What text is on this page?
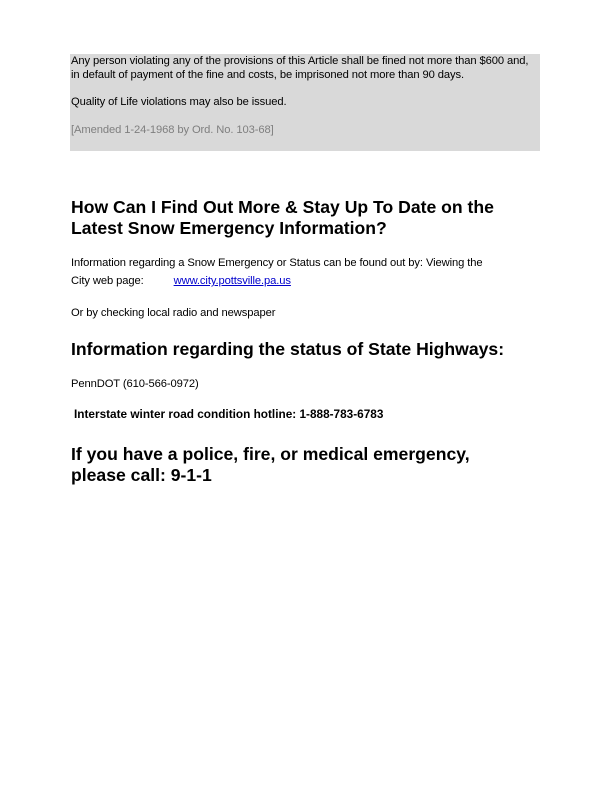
Any person violating any of the provisions of this Article shall be fined not more than $600 and, in default of payment of the fine and costs, be imprisoned not more than 90 days.

Quality of Life violations may also be issued.

[Amended 1-24-1968 by Ord. No. 103-68]

How Can I Find Out More & Stay Up To Date on the
Latest Snow Emergency Information?

Information regarding a Snow Emergency or Status can be found out by: Viewing the
City web page:	www.city.pottsville.pa.us

Or by checking local radio and newspaper

Information regarding the status of State Highways:

PennDOT (610-566-0972)

Interstate winter road condition hotline: 1-888-783-6783

If you have a police, fire, or medical emergency,
please call: 9-1-1
